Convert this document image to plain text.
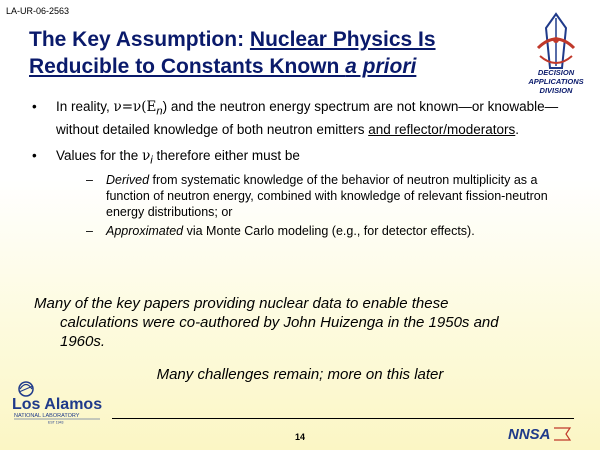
LA-UR-06-2563
The Key Assumption: Nuclear Physics Is
Reducible to Constants Known a priori	DECISION
APPLICATIONS
DIVISION
• In reality, $\nu=\nu(E_n)$ and the neutron energy spectrum are not known—or knowable—without detailed knowledge of both neutron emitters and reflector/moderators.
• Values for the $\nu_i$ therefore either must be
– Derived from systematic knowledge of the behavior of neutron multiplicity as a function of neutron energy, combined with knowledge of relevant fission-neutron energy distributions; or
– Approximated via Monte Carlo modeling (e.g., for detector effects).
Many of the key papers providing nuclear data to enable these
calculations were co-authored by John Huizenga in the 1950s and
1960s.
Many challenges remain; more on this later
Los Alamos
NATIONAL LABORATORY
EST 1943
14	NNSA
